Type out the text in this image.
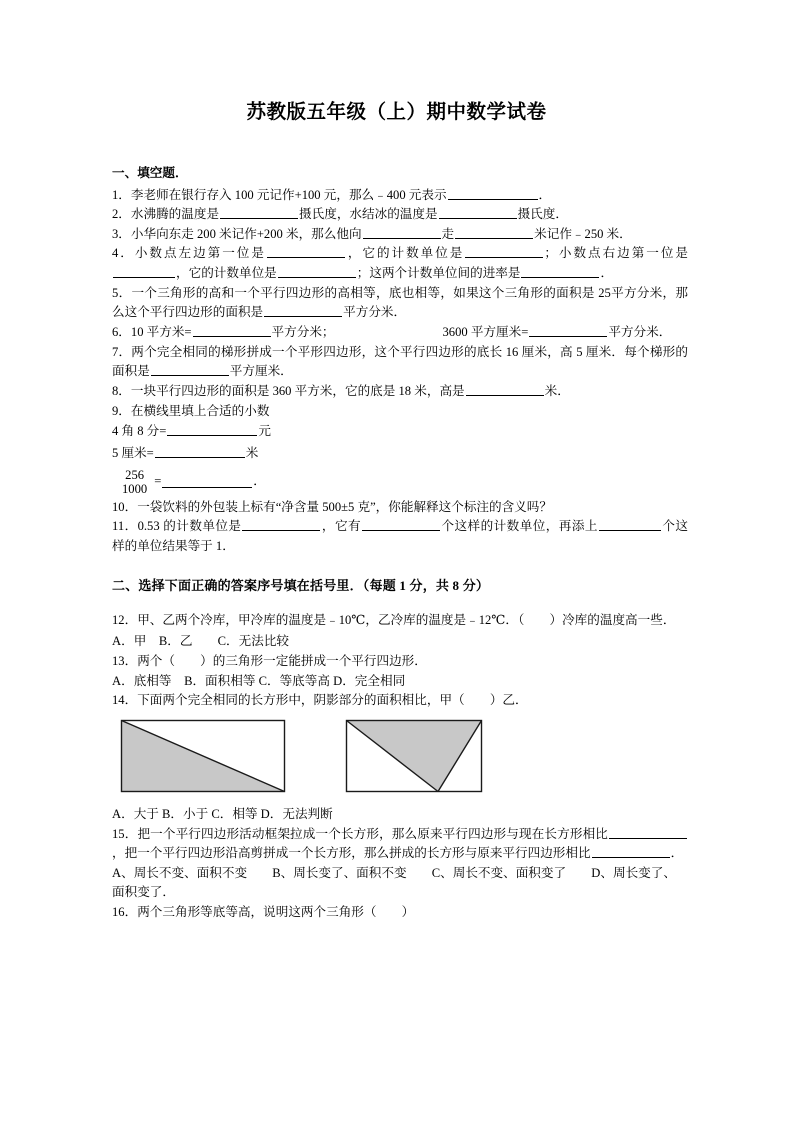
苏教版五年级（上）期中数学试卷

一、填空题．

1．李老师在银行存入 100 元记作+100 元，那么﹣400 元表示	．

2．水沸腾的温度是	摄氏度，水结冰的温度是	摄氏度．

3．小华向东走 200 米记作+200 米，那么他向	走	米记作﹣250 米．

4．小数点左边第一位是	，它的计数单位是	；小数点右边第一位是，它的计数单位是	；这两个计数单位间的进率是	．

5．一个三角形的高和一个平行四边形的高相等，底也相等，如果这个三角形的面积是 25平方分米，那么这个平行四边形的面积是	平方分米．

6．10 平方米=	平方分米；	3600 平方厘米=	平方分米．

7．两个完全相同的梯形拼成一个平形四边形，这个平行四边形的底长 16 厘米，高 5 厘米．每个梯形的面积是	平方厘米．

8．一块平行四边形的面积是 360 平方米，它的底是 18 米，高是	米．

9．在横线里填上合适的小数

4 角 8 分=	元

5 厘米=	米

256
1000
=	．

10．一袋饮料的外包装上标有“净含量 500±5 克”，你能解释这个标注的含义吗？

11．0.53 的计数单位是	，它有	个这样的计数单位，再添上	个这样的单位结果等于 1．

二、选择下面正确的答案序号填在括号里．（每题 1 分，共 8 分）

12．甲、乙两个冷库，甲冷库的温度是﹣10℃，乙冷库的温度是﹣12℃．（　　）冷库的温度高一些．

A．甲　B．乙　　C．无法比较

13．两个（　　）的三角形一定能拼成一个平行四边形．

A．底相等　B．面积相等 C．等底等高 D．完全相同

14．下面两个完全相同的长方形中，阴影部分的面积相比，甲（　　）乙．

A．大于 B．小于 C．相等 D．无法判断

15．把一个平行四边形活动框架拉成一个长方形，那么原来平行四边形与现在长方形相比，把一个平行四边形沿高剪拼成一个长方形，那么拼成的长方形与原来平行四边形相比	．

A、周长不变、面积不变　　B、周长变了、面积不变　　C、周长不变、面积变了　　D、周长变了、面积变了．

16．两个三角形等底等高，说明这两个三角形（　　）
